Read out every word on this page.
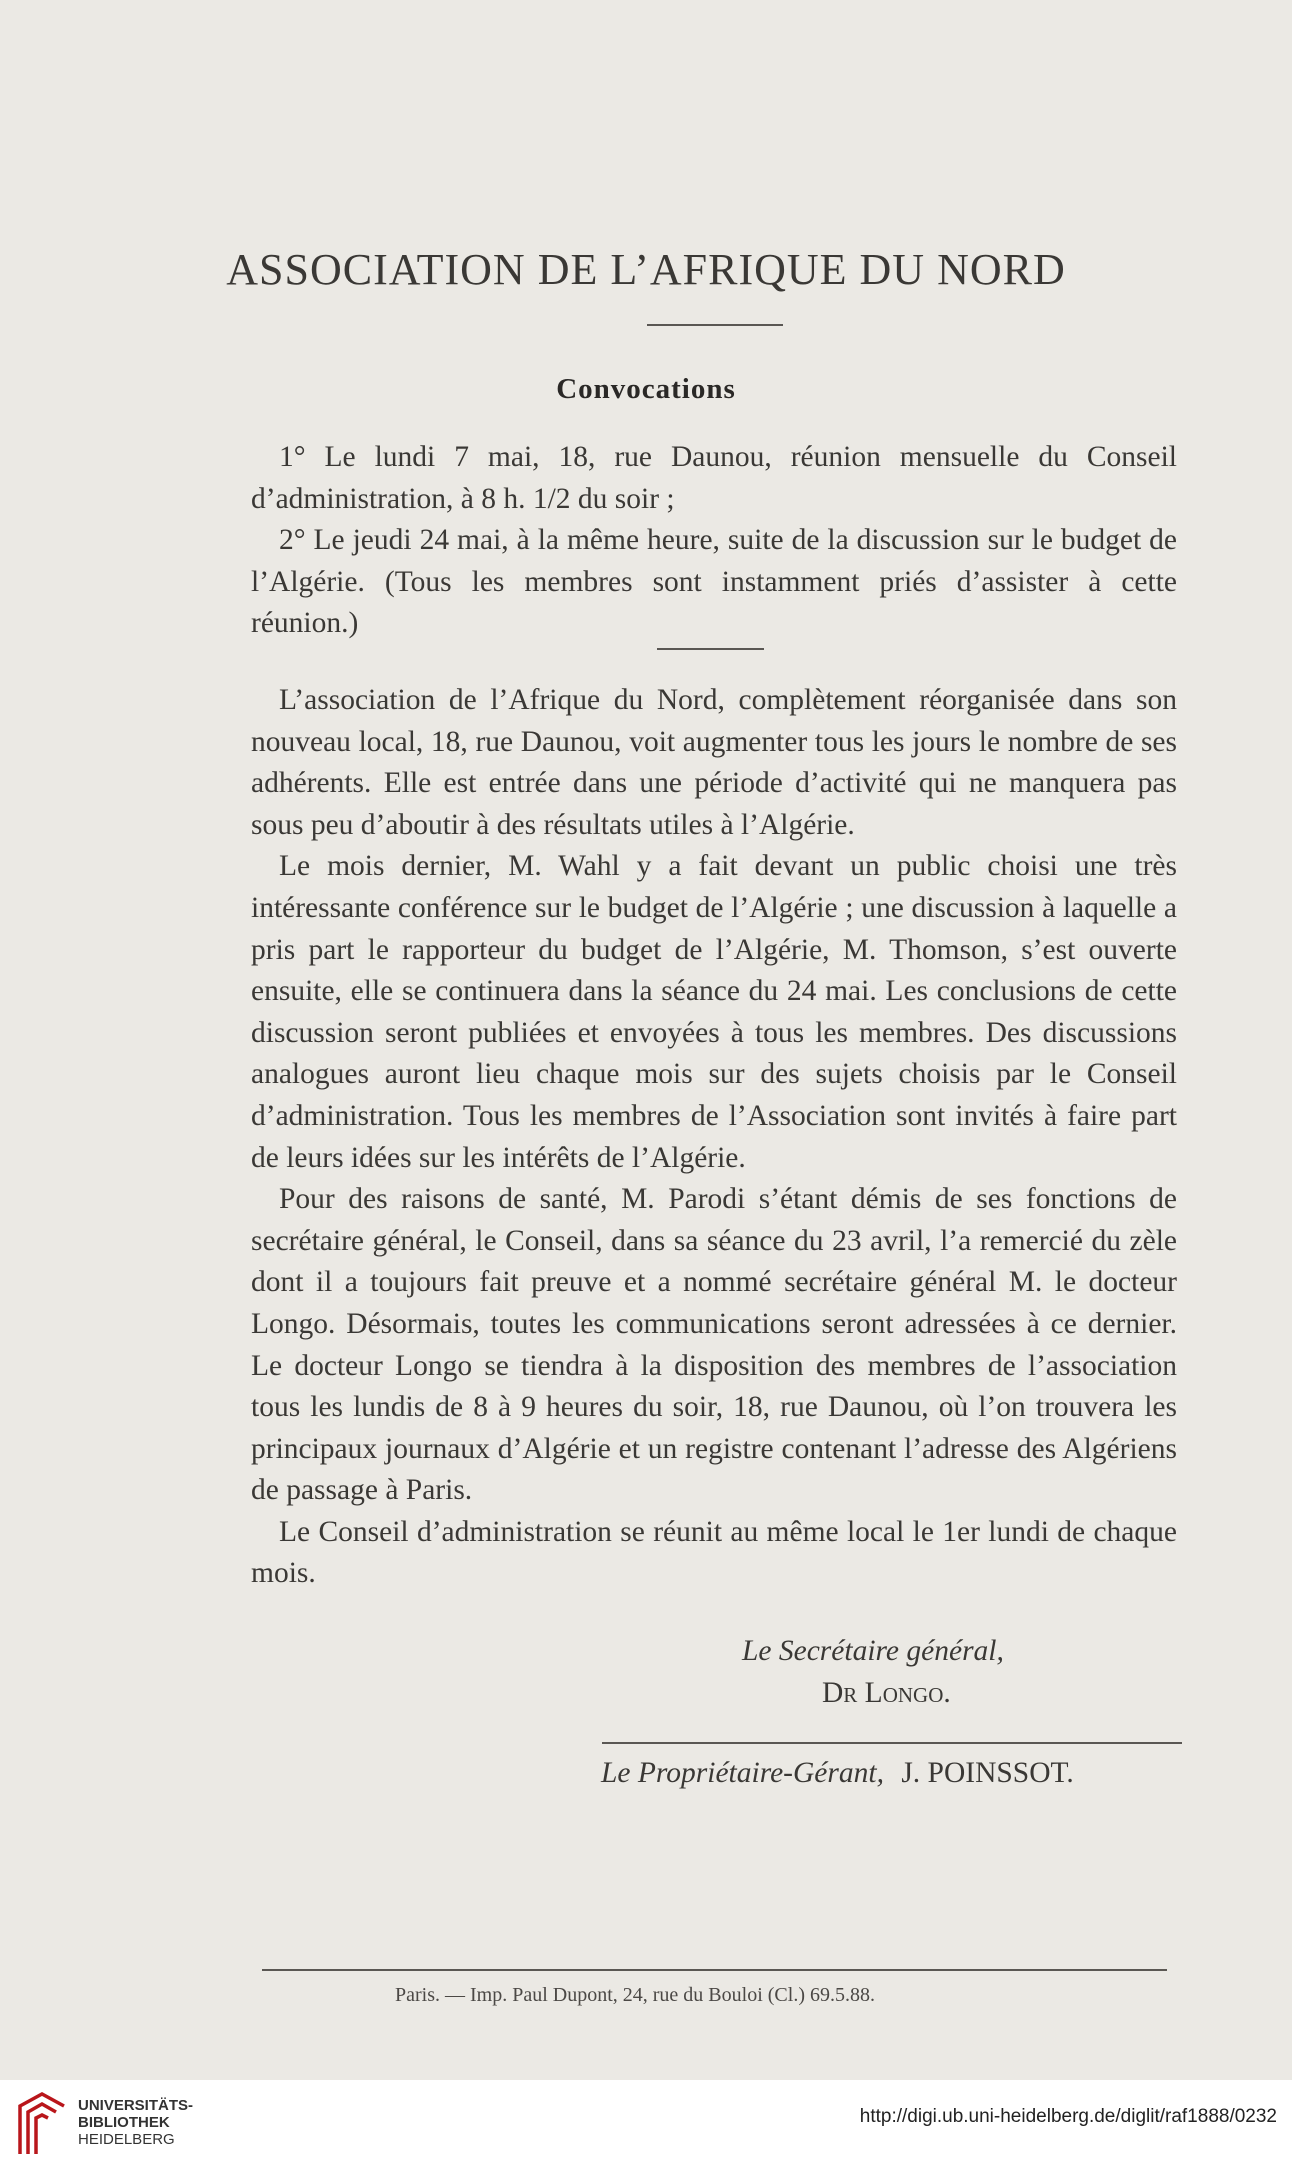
ASSOCIATION DE L’AFRIQUE DU NORD
Convocations

1° Le lundi 7 mai, 18, rue Daunou, réunion mensuelle du Conseil d’administration, à 8 h. 1/2 du soir ;

2° Le jeudi 24 mai, à la même heure, suite de la discussion sur le budget de l’Algérie. (Tous les membres sont instamment priés d’assister à cette réunion.)

L’association de l’Afrique du Nord, complètement réorganisée dans son nouveau local, 18, rue Daunou, voit augmenter tous les jours le nombre de ses adhérents. Elle est entrée dans une période d’activité qui ne manquera pas sous peu d’aboutir à des résultats utiles à l’Algérie.

Le mois dernier, M. Wahl y a fait devant un public choisi une très intéressante conférence sur le budget de l’Algérie ; une discussion à laquelle a pris part le rapporteur du budget de l’Algérie, M. Thomson, s’est ouverte ensuite, elle se continuera dans la séance du 24 mai. Les conclusions de cette discussion seront publiées et envoyées à tous les membres. Des discussions analogues auront lieu chaque mois sur des sujets choisis par le Conseil d’administration. Tous les membres de l’Association sont invités à faire part de leurs idées sur les intérêts de l’Algérie.

Pour des raisons de santé, M. Parodi s’étant démis de ses fonctions de secrétaire général, le Conseil, dans sa séance du 23 avril, l’a remercié du zèle dont il a toujours fait preuve et a nommé secrétaire général M. le docteur Longo. Désormais, toutes les communications seront adressées à ce dernier. Le docteur Longo se tiendra à la disposition des membres de l’association tous les lundis de 8 à 9 heures du soir, 18, rue Daunou, où l’on trouvera les principaux journaux d’Algérie et un registre contenant l’adresse des Algériens de passage à Paris.

Le Conseil d’administration se réunit au même local le 1er lundi de chaque mois.

Le Secrétaire général,
Dr Longo.
Le Propriétaire-Gérant, J. POINSSOT.
Paris. — Imp. Paul Dupont, 24, rue du Bouloi (Cl.) 69.5.88.
UNIVERSITÄTS-
BIBLIOTHEK
HEIDELBERG
http://digi.ub.uni-heidelberg.de/diglit/raf1888/0232
